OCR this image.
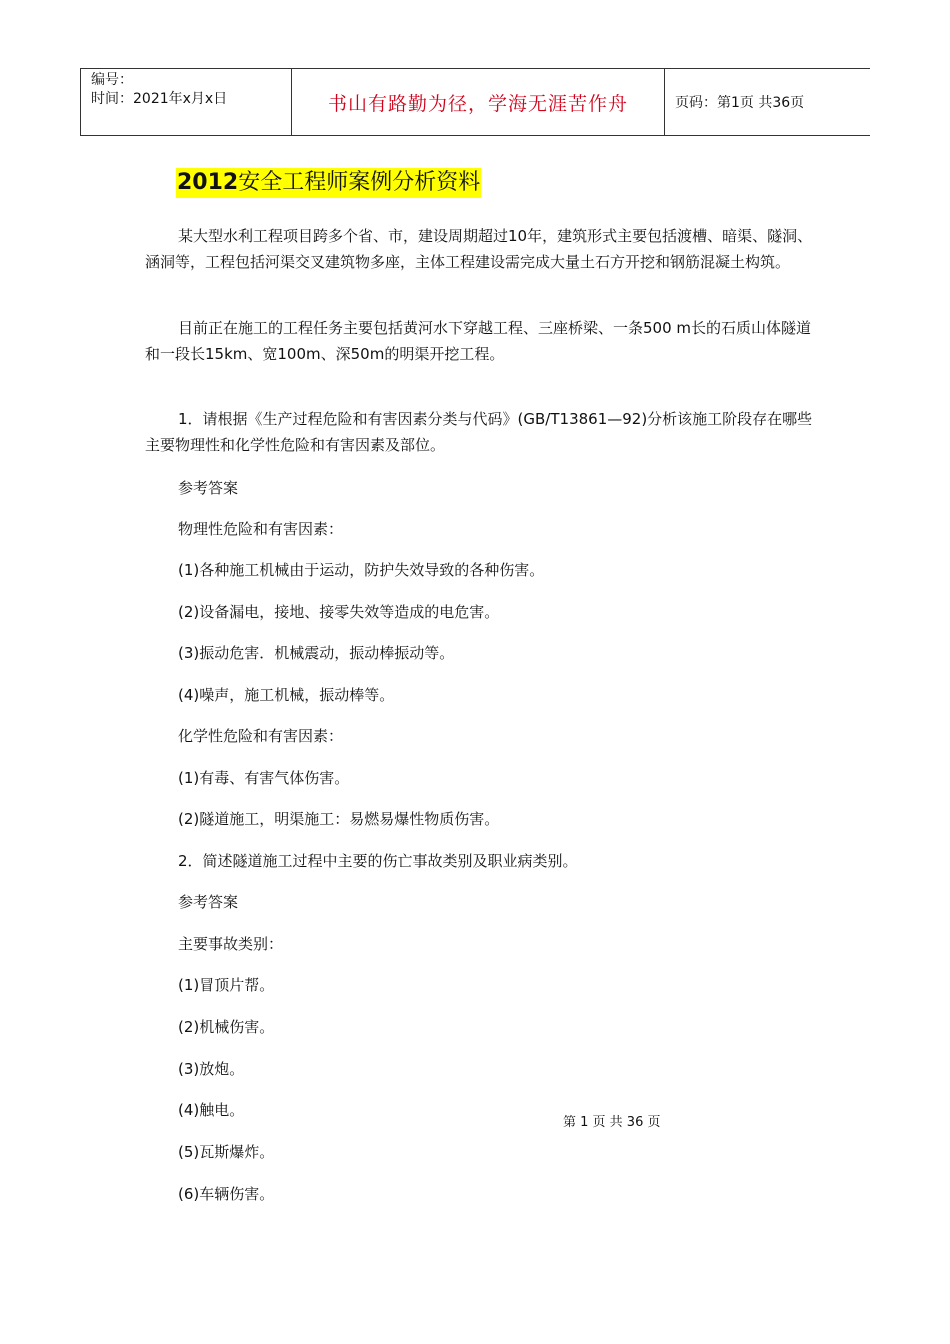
编号：
时间：2021年x月x日	书山有路勤为径，学海无涯苦作舟	页码：第1页 共36页
2012安全工程师案例分析资料

某大型水利工程项目跨多个省、市，建设周期超过10年，建筑形式主要包括渡槽、暗渠、隧洞、涵洞等，工程包括河渠交叉建筑物多座，主体工程建设需完成大量土石方开挖和钢筋混凝土构筑。

目前正在施工的工程任务主要包括黄河水下穿越工程、三座桥梁、一条500 m长的石质山体隧道和一段长15km、宽100m、深50m的明渠开挖工程。

1．请根据《生产过程危险和有害因素分类与代码》(GB/T13861—92)分析该施工阶段存在哪些主要物理性和化学性危险和有害因素及部位。

参考答案

物理性危险和有害因素：

(1)各种施工机械由于运动，防护失效导致的各种伤害。

(2)设备漏电，接地、接零失效等造成的电危害。

(3)振动危害．机械震动，振动棒振动等。

(4)噪声，施工机械，振动棒等。

化学性危险和有害因素：

(1)有毒、有害气体伤害。

(2)隧道施工，明渠施工：易燃易爆性物质伤害。

2．简述隧道施工过程中主要的伤亡事故类别及职业病类别。

参考答案

主要事故类别：

(1)冒顶片帮。

(2)机械伤害。

(3)放炮。

(4)触电。

(5)瓦斯爆炸。

(6)车辆伤害。

第 1 页 共 36 页
